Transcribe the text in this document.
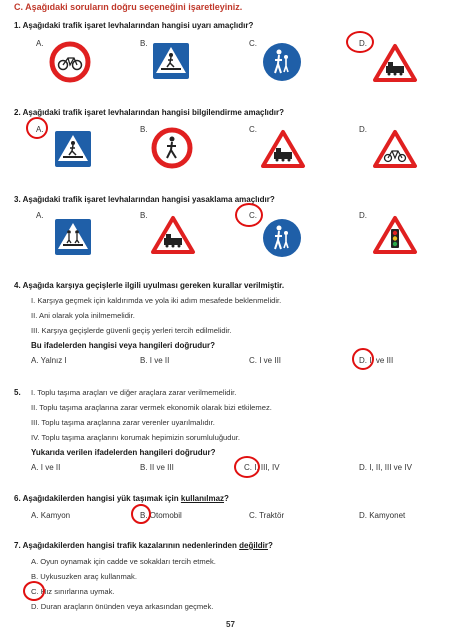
C. Aşağıdaki soruların doğru seçeneğini işaretleyiniz.
1. Aşağıdaki trafik işaret levhalarından hangisi uyarı amaçlıdır?
A.	B.	C.	D.
2. Aşağıdaki trafik işaret levhalarından hangisi bilgilendirme amaçlıdır?
A.	B.	C.	D.
3. Aşağıdaki trafik işaret levhalarından hangisi yasaklama amaçlıdır?
A.	B.	C.	D.
4. Aşağıda karşıya geçişlerle ilgili uyulması gereken kurallar verilmiştir.
I. Karşıya geçmek için kaldırımda ve yola iki adım mesafede beklenmelidir.
II. Ani olarak yola inilmemelidir.
III. Karşıya geçişlerde güvenli geçiş yerleri tercih edilmelidir.
Bu ifadelerden hangisi veya hangileri doğrudur?
A. Yalnız I	B. I ve II	C. I ve III	D. II ve III
5. I. Toplu taşıma araçları ve diğer araçlara zarar verilmemelidir.
II. Toplu taşıma araçlarına zarar vermek ekonomik olarak bizi etkilemez.
III. Toplu taşıma araçlarına zarar verenler uyarılmalıdır.
IV. Toplu taşıma araçlarını korumak hepimizin sorumluluğudur.
Yukarıda verilen ifadelerden hangileri doğrudur?
A. I ve II	B. II ve III	C. I, III, IV	D. I, II, III ve IV
6. Aşağıdakilerden hangisi yük taşımak için kullanılmaz?
A. Kamyon	B. Otomobil	C. Traktör	D. Kamyonet
7. Aşağıdakilerden hangisi trafik kazalarının nedenlerinden değildir?
A. Oyun oynamak için cadde ve sokakları tercih etmek.
B. Uykusuzken araç kullanmak.
C. Hız sınırlarına uymak.
D. Duran araçların önünden veya arkasından geçmek.
57
